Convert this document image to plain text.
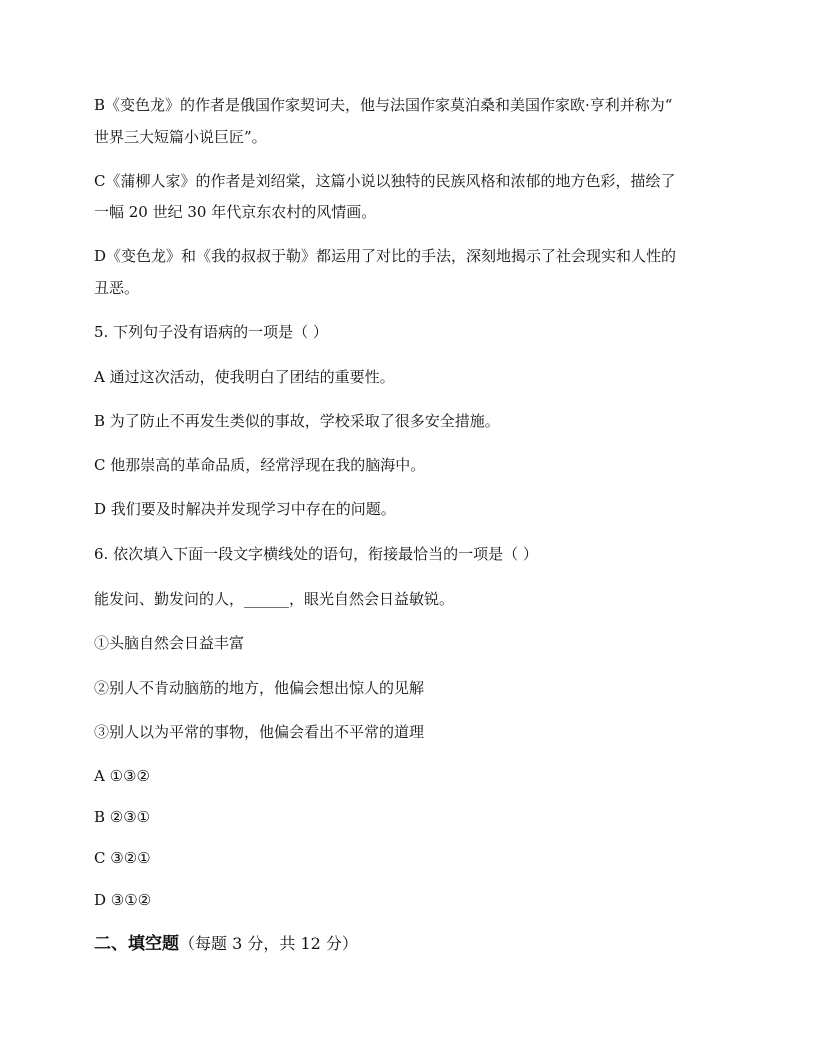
B《变色龙》的作者是俄国作家契诃夫，他与法国作家莫泊桑和美国作家欧·亨利并称为“
世界三大短篇小说巨匠”。
C《蒲柳人家》的作者是刘绍棠，这篇小说以独特的民族风格和浓郁的地方色彩，描绘了
一幅 20 世纪 30 年代京东农村的风情画。
D《变色龙》和《我的叔叔于勒》都运用了对比的手法，深刻地揭示了社会现实和人性的
丑恶。
5. 下列句子没有语病的一项是（ ）
A 通过这次活动，使我明白了团结的重要性。
B 为了防止不再发生类似的事故，学校采取了很多安全措施。
C 他那崇高的革命品质，经常浮现在我的脑海中。
D 我们要及时解决并发现学习中存在的问题。
6. 依次填入下面一段文字横线处的语句，衔接最恰当的一项是（ ）
能发问、勤发问的人，______，眼光自然会日益敏锐。
①头脑自然会日益丰富
②别人不肯动脑筋的地方，他偏会想出惊人的见解
③别人以为平常的事物，他偏会看出不平常的道理
A ①③②
B ②③①
C ③②①
D ③①②
二、填空题（每题 3 分，共 12 分）
